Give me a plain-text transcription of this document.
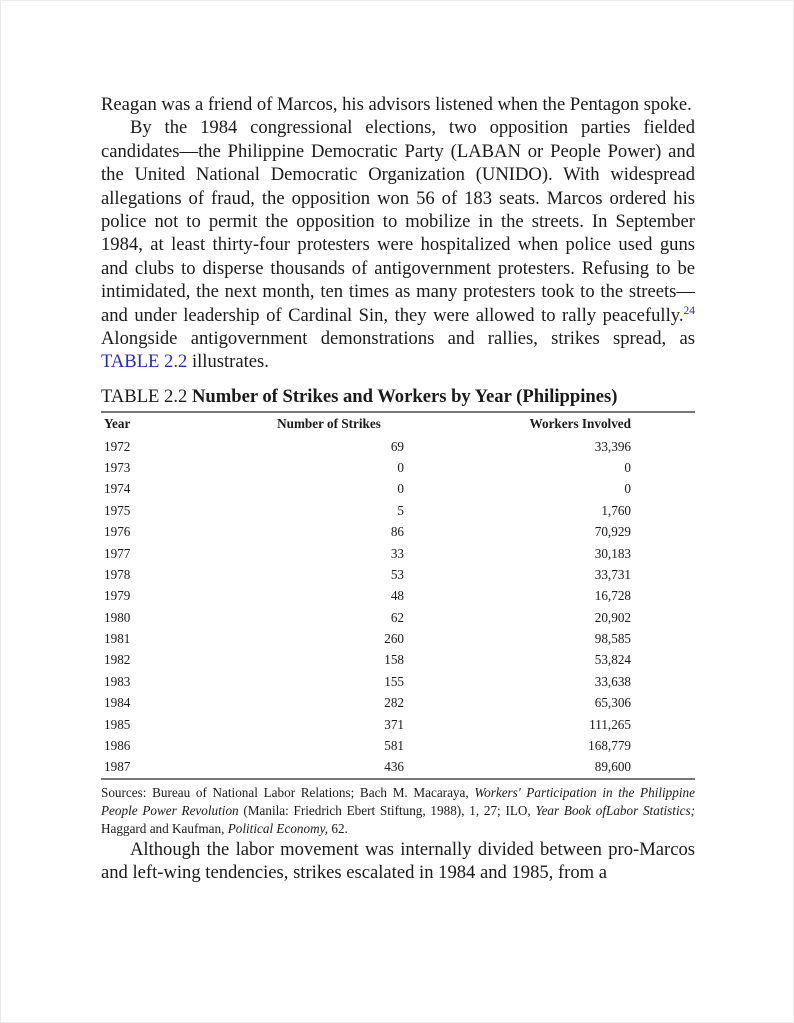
Reagan was a friend of Marcos, his advisors listened when the Pentagon spoke.

By the 1984 congressional elections, two opposition parties fielded candidates—the Philippine Democratic Party (LABAN or People Power) and the United National Democratic Organization (UNIDO). With widespread allegations of fraud, the opposition won 56 of 183 seats. Marcos ordered his police not to permit the opposition to mobilize in the streets. In September 1984, at least thirty-four protesters were hospitalized when police used guns and clubs to disperse thousands of antigovernment protesters. Refusing to be intimidated, the next month, ten times as many protesters took to the streets—and under leadership of Cardinal Sin, they were allowed to rally peacefully.$^{24}$ Alongside antigovernment demonstrations and rallies, strikes spread, as TABLE 2.2 illustrates.

TABLE 2.2 Number of Strikes and Workers by Year (Philippines)
Year	Number of Strikes	Workers Involved
1972	69	33,396
1973	0	0
1974	0	0
1975	5	1,760
1976	86	70,929
1977	33	30,183
1978	53	33,731
1979	48	16,728
1980	62	20,902
1981	260	98,585
1982	158	53,824
1983	155	33,638
1984	282	65,306
1985	371	111,265
1986	581	168,779
1987	436	89,600
Sources: Bureau of National Labor Relations; Bach M. Macaraya, Workers' Participation in the Philippine People Power Revolution (Manila: Friedrich Ebert Stiftung, 1988), 1, 27; ILO, Year Book ofLabor Statistics; Haggard and Kaufman, Political Economy, 62.

Although the labor movement was internally divided between pro-Marcos and left-wing tendencies, strikes escalated in 1984 and 1985, from a
